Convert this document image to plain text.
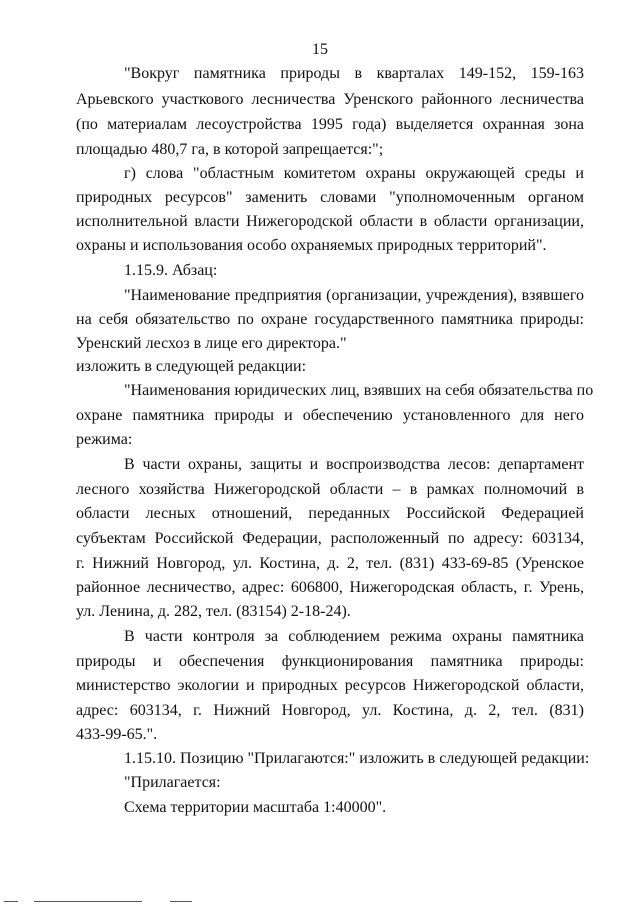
15
"Вокруг памятника природы в кварталах 149-152, 159-163
Арьевского участкового лесничества Уренского районного лесничества
(по материалам лесоустройства 1995 года) выделяется охранная зона
площадью 480,7 га, в которой запрещается:";
г) слова "областным комитетом охраны окружающей среды и
природных ресурсов" заменить словами "уполномоченным органом
исполнительной власти Нижегородской области в области организации,
охраны и использования особо охраняемых природных территорий".
1.15.9. Абзац:
"Наименование предприятия (организации, учреждения), взявшего
на себя обязательство по охране государственного памятника природы:
Уренский лесхоз в лице его директора."
изложить в следующей редакции:
"Наименования юридических лиц, взявших на себя обязательства по
охране памятника природы и обеспечению установленного для него
режима:
В части охраны, защиты и воспроизводства лесов: департамент
лесного хозяйства Нижегородской области – в рамках полномочий в
области лесных отношений, переданных Российской Федерацией
субъектам Российской Федерации, расположенный по адресу: 603134,
г. Нижний Новгород, ул. Костина, д. 2, тел. (831) 433-69-85 (Уренское
районное лесничество, адрес: 606800, Нижегородская область, г. Урень,
ул. Ленина, д. 282, тел. (83154) 2-18-24).
В части контроля за соблюдением режима охраны памятника
природы и обеспечения функционирования памятника природы:
министерство экологии и природных ресурсов Нижегородской области,
адрес: 603134, г. Нижний Новгород, ул. Костина, д. 2, тел. (831)
433-99-65.".
1.15.10. Позицию "Прилагаются:" изложить в следующей редакции:
"Прилагается:
Схема территории масштаба 1:40000".
